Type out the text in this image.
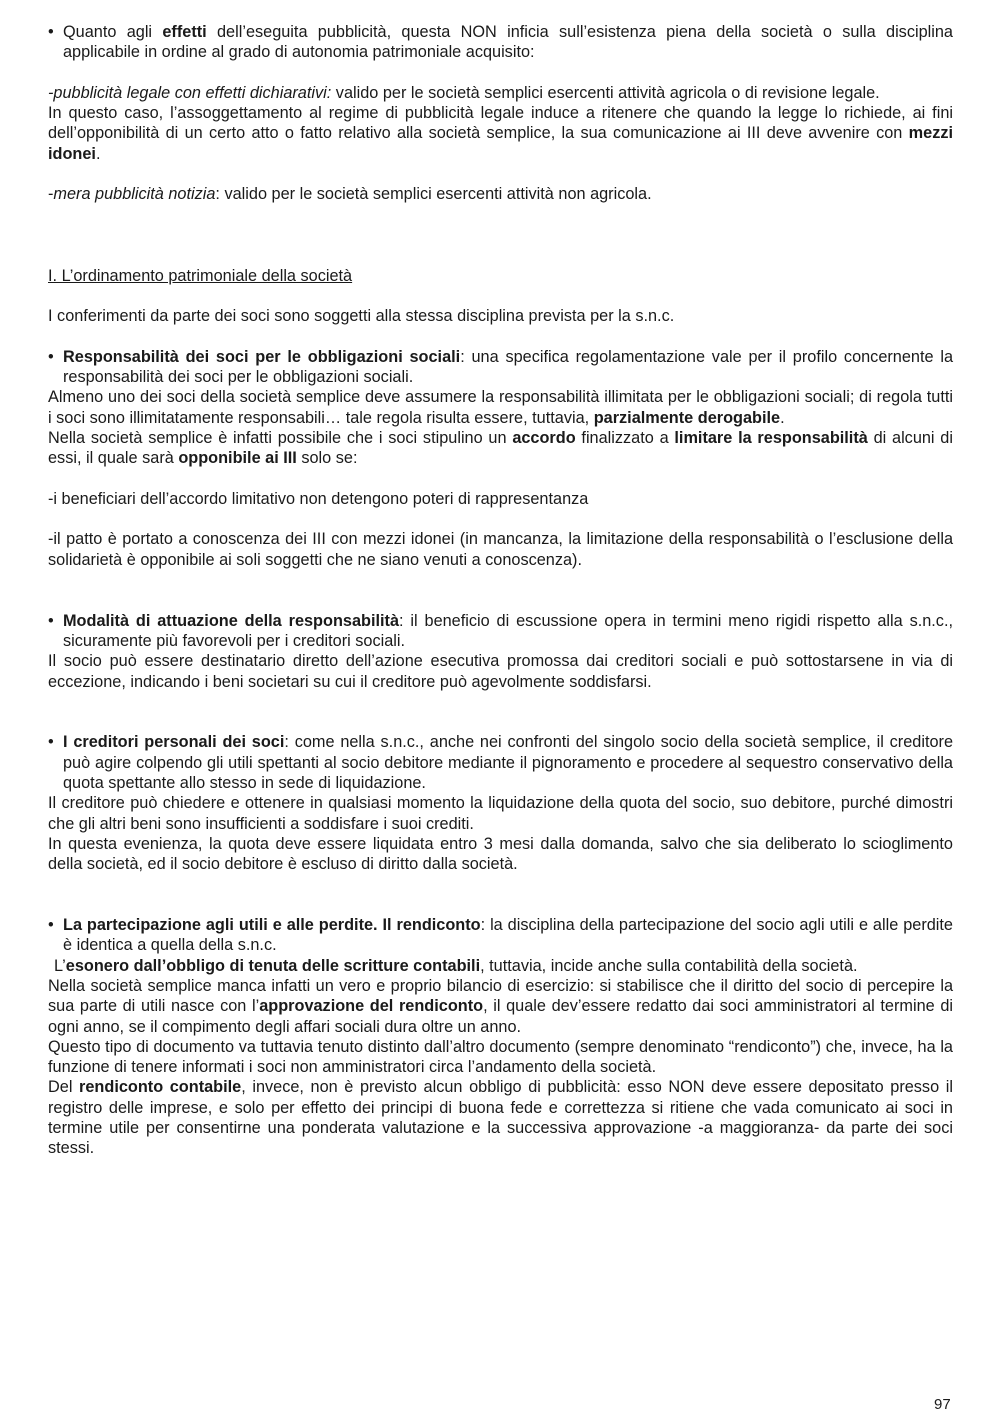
• Quanto agli effetti dell’eseguita pubblicità, questa NON inficia sull’esistenza piena della società o sulla disciplina applicabile in ordine al grado di autonomia patrimoniale acquisito:

-pubblicità legale con effetti dichiarativi: valido per le società semplici esercenti attività agricola o di revisione legale.

In questo caso, l’assoggettamento al regime di pubblicità legale induce a ritenere che quando la legge lo richiede, ai fini dell’opponibilità di un certo atto o fatto relativo alla società semplice, la sua comunicazione ai III deve avvenire con mezzi idonei.

-mera pubblicità notizia: valido per le società semplici esercenti attività non agricola.

I. L’ordinamento patrimoniale della società

I conferimenti da parte dei soci sono soggetti alla stessa disciplina prevista per la s.n.c.

• Responsabilità dei soci per le obbligazioni sociali: una specifica regolamentazione vale per il profilo concernente la responsabilità dei soci per le obbligazioni sociali.

Almeno uno dei soci della società semplice deve assumere la responsabilità illimitata per le obbligazioni sociali; di regola tutti i soci sono illimitatamente responsabili… tale regola risulta essere, tuttavia, parzialmente derogabile.

Nella società semplice è infatti possibile che i soci stipulino un accordo finalizzato a limitare la responsabilità di alcuni di essi, il quale sarà opponibile ai III solo se:

-i beneficiari dell’accordo limitativo non detengono poteri di rappresentanza

-il patto è portato a conoscenza dei III con mezzi idonei (in mancanza, la limitazione della responsabilità o l’esclusione della solidarietà è opponibile ai soli soggetti che ne siano venuti a conoscenza).

• Modalità di attuazione della responsabilità: il beneficio di escussione opera in termini meno rigidi rispetto alla s.n.c., sicuramente più favorevoli per i creditori sociali.

Il socio può essere destinatario diretto dell’azione esecutiva promossa dai creditori sociali e può sottostarsene in via di eccezione, indicando i beni societari su cui il creditore può agevolmente soddisfarsi.

• I creditori personali dei soci: come nella s.n.c., anche nei confronti del singolo socio della società semplice, il creditore può agire colpendo gli utili spettanti al socio debitore mediante il pignoramento e procedere al sequestro conservativo della quota spettante allo stesso in sede di liquidazione.

Il creditore può chiedere e ottenere in qualsiasi momento la liquidazione della quota del socio, suo debitore, purché dimostri che gli altri beni sono insufficienti a soddisfare i suoi crediti.

In questa evenienza, la quota deve essere liquidata entro 3 mesi dalla domanda, salvo che sia deliberato lo scioglimento della società, ed il socio debitore è escluso di diritto dalla società.

• La partecipazione agli utili e alle perdite. Il rendiconto: la disciplina della partecipazione del socio agli utili e alle perdite è identica a quella della s.n.c.

L’esonero dall’obbligo di tenuta delle scritture contabili, tuttavia, incide anche sulla contabilità della società.

Nella società semplice manca infatti un vero e proprio bilancio di esercizio: si stabilisce che il diritto del socio di percepire la sua parte di utili nasce con l’approvazione del rendiconto, il quale dev’essere redatto dai soci amministratori al termine di ogni anno, se il compimento degli affari sociali dura oltre un anno.

Questo tipo di documento va tuttavia tenuto distinto dall’altro documento (sempre denominato “rendiconto”) che, invece, ha la funzione di tenere informati i soci non amministratori circa l’andamento della società.

Del rendiconto contabile, invece, non è previsto alcun obbligo di pubblicità: esso NON deve essere depositato presso il registro delle imprese, e solo per effetto dei principi di buona fede e correttezza si ritiene che vada comunicato ai soci in termine utile per consentirne una ponderata valutazione e la successiva approvazione -a maggioranza- da parte dei soci stessi.

97
